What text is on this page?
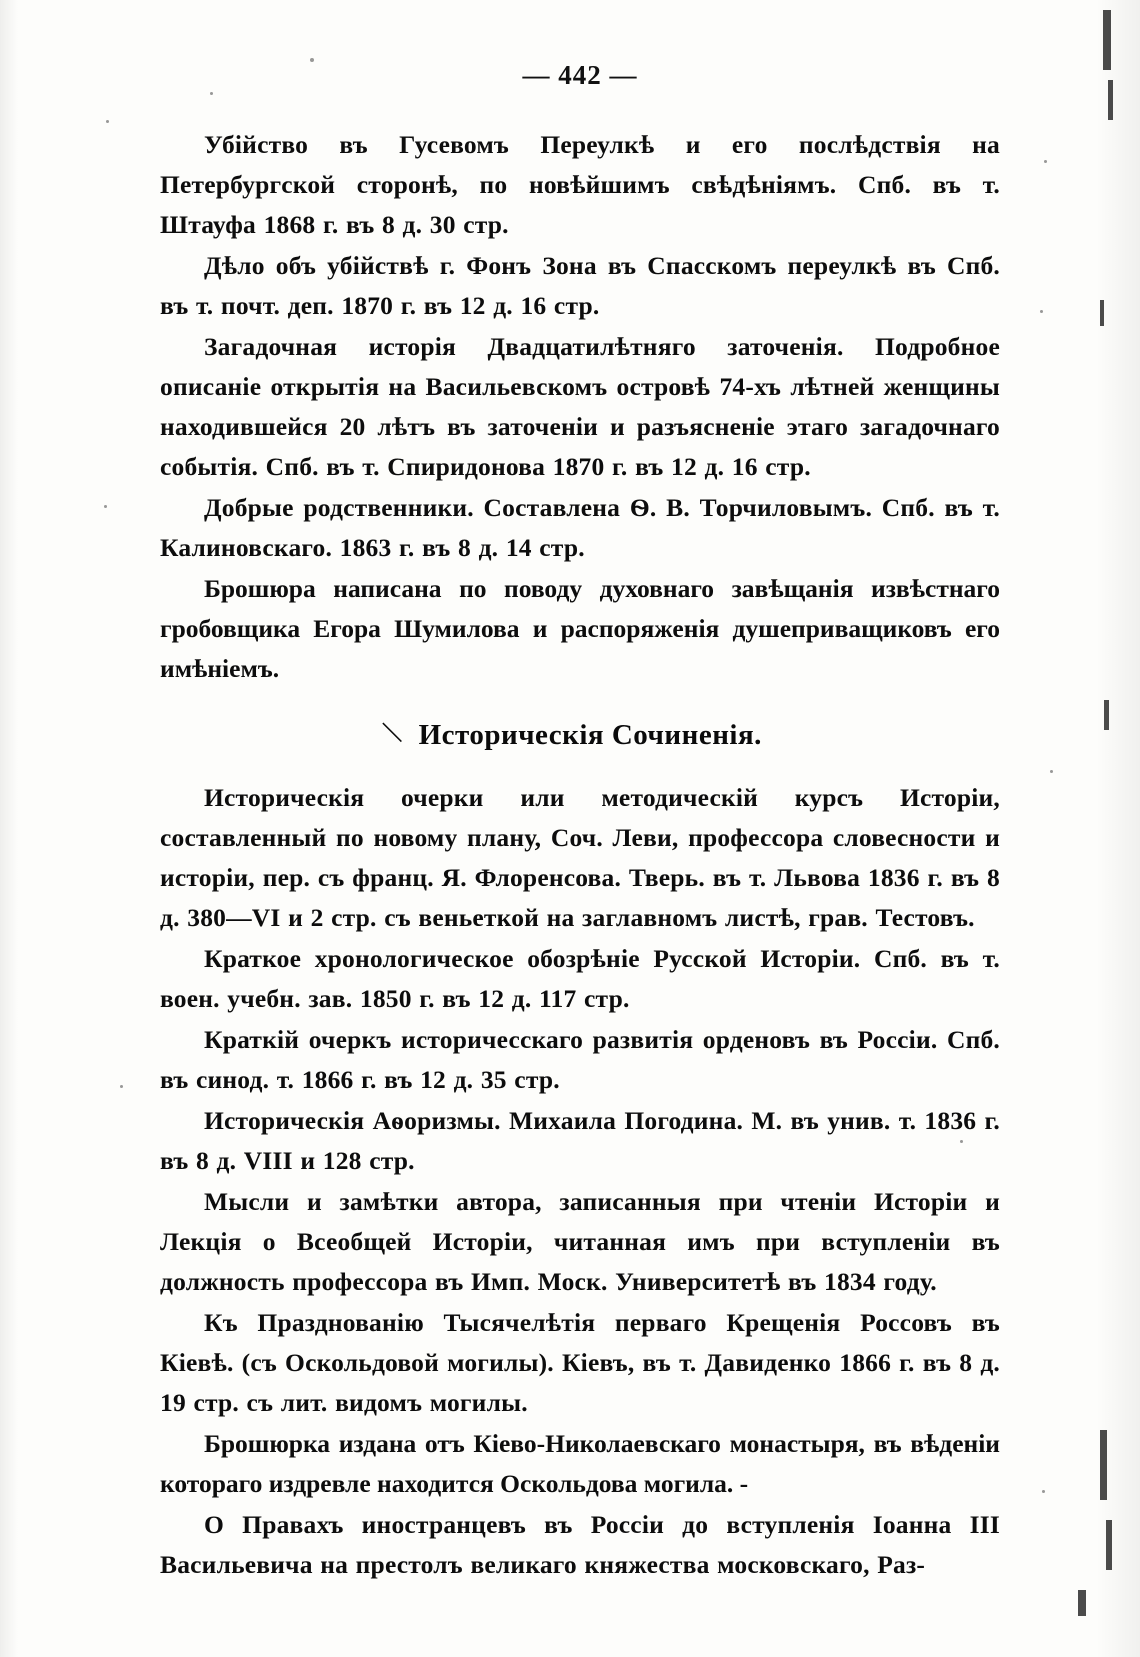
— 442 —

Убійство въ Гусевомъ Переулкѣ и его послѣдствія на Петербургской сторонѣ, по новѣйшимъ свѣдѣніямъ. Спб. въ т. Штауфа 1868 г. въ 8 д. 30 стр.

Дѣло объ убійствѣ г. Фонъ Зона въ Спасскомъ переулкѣ въ Спб. въ т. почт. деп. 1870 г. въ 12 д. 16 стр.

Загадочная исторія Двадцатилѣтняго заточенія. Подробное описаніе открытія на Васильевскомъ островѣ 74-хъ лѣтней женщины находившейся 20 лѣтъ въ заточеніи и разъясненіе этаго загадочнаго событія. Спб. въ т. Спиридонова 1870 г. въ 12 д. 16 стр.

Добрые родственники. Составлена Ѳ. В. Торчиловымъ. Спб. въ т. Калиновскаго. 1863 г. въ 8 д. 14 стр.

Брошюра написана по поводу духовнаго завѣщанія извѣстнаго гробовщика Егора Шумилова и распоряженія душеприващиковъ его имѣніемъ.

＼ Историческія Сочиненія.

Историческія очерки или методическій курсъ Исторіи, составленный по новому плану, Соч. Леви, профессора словесности и исторіи, пер. съ франц. Я. Флоренсова. Тверь. въ т. Львова 1836 г. въ 8 д. 380—VI и 2 стр. съ веньеткой на заглавномъ листѣ, грав. Тестовъ.

Краткое хронологическое обозрѣніе Русской Исторіи. Спб. въ т. воен. учебн. зав. 1850 г. въ 12 д. 117 стр.

Краткій очеркъ историчесскаго развитія орденовъ въ Россіи. Спб. въ синод. т. 1866 г. въ 12 д. 35 стр.

Историческія Аѳоризмы. Михаила Погодина. М. въ унив. т. 1836 г. въ 8 д. VIII и 128 стр.

Мысли и замѣтки автора, записанныя при чтеніи Исторіи и Лекція о Всеобщей Исторіи, читанная имъ при вступленіи въ должность профессора въ Имп. Моск. Университетѣ въ 1834 году.

Къ Празднованію Тысячелѣтія перваго Крещенія Россовъ въ Кіевѣ. (съ Оскольдовой могилы). Кіевъ, въ т. Давиденко 1866 г. въ 8 д. 19 стр. съ лит. видомъ могилы.

Брошюрка издана отъ Кіево-Николаевскаго монастыря, въ вѣденіи котораго издревле находится Оскольдова могила. -

О Правахъ иностранцевъ въ Россіи до вступленія Іоанна III Васильевича на престолъ великаго княжества московскаго, Раз-
